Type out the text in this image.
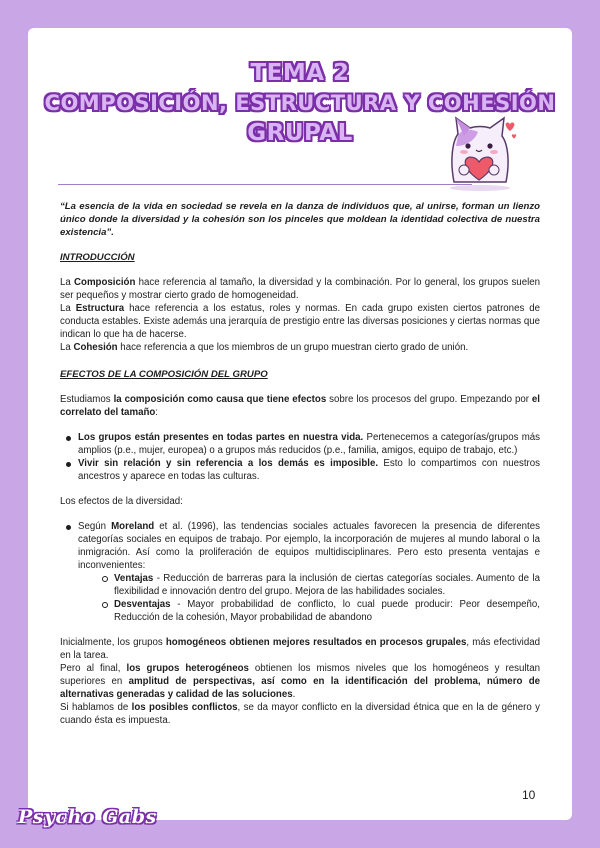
TEMA 2
COMPOSICIÓN, ESTRUCTURA Y COHESIÓN
GRUPAL

“La esencia de la vida en sociedad se revela en la danza de individuos que, al unirse, forman un lienzo único donde la diversidad y la cohesión son los pinceles que moldean la identidad colectiva de nuestra existencia”.

INTRODUCCIÓN

La Composición hace referencia al tamaño, la diversidad y la combinación. Por lo general, los grupos suelen ser pequeños y mostrar cierto grado de homogeneidad.

La Estructura hace referencia a los estatus, roles y normas. En cada grupo existen ciertos patrones de conducta estables. Existe además una jerarquía de prestigio entre las diversas posiciones y ciertas normas que indican lo que ha de hacerse.

La Cohesión hace referencia a que los miembros de un grupo muestran cierto grado de unión.

EFECTOS DE LA COMPOSICIÓN DEL GRUPO

Estudiamos la composición como causa que tiene efectos sobre los procesos del grupo. Empezando por el correlato del tamaño:

Los grupos están presentes en todas partes en nuestra vida. Pertenecemos a categorías/grupos más amplios (p.e., mujer, europea) o a grupos más reducidos (p.e., familia, amigos, equipo de trabajo, etc.)
Vivir sin relación y sin referencia a los demás es imposible. Esto lo compartimos con nuestros ancestros y aparece en todas las culturas.

Los efectos de la diversidad:

Según Moreland et al. (1996), las tendencias sociales actuales favorecen la presencia de diferentes categorías sociales en equipos de trabajo. Por ejemplo, la incorporación de mujeres al mundo laboral o la inmigración. Así como la proliferación de equipos multidisciplinares. Pero esto presenta ventajas e inconvenientes:
Ventajas - Reducción de barreras para la inclusión de ciertas categorías sociales. Aumento de la flexibilidad e innovación dentro del grupo. Mejora de las habilidades sociales.
Desventajas - Mayor probabilidad de conflicto, lo cual puede producir: Peor desempeño, Reducción de la cohesión, Mayor probabilidad de abandono

Inicialmente, los grupos homogéneos obtienen mejores resultados en procesos grupales, más efectividad en la tarea.

Pero al final, los grupos heterogéneos obtienen los mismos niveles que los homogéneos y resultan superiores en amplitud de perspectivas, así como en la identificación del problema, número de alternativas generadas y calidad de las soluciones.

Si hablamos de los posibles conflictos, se da mayor conflicto en la diversidad étnica que en la de género y cuando ésta es impuesta.

10
Psycho Gabs
